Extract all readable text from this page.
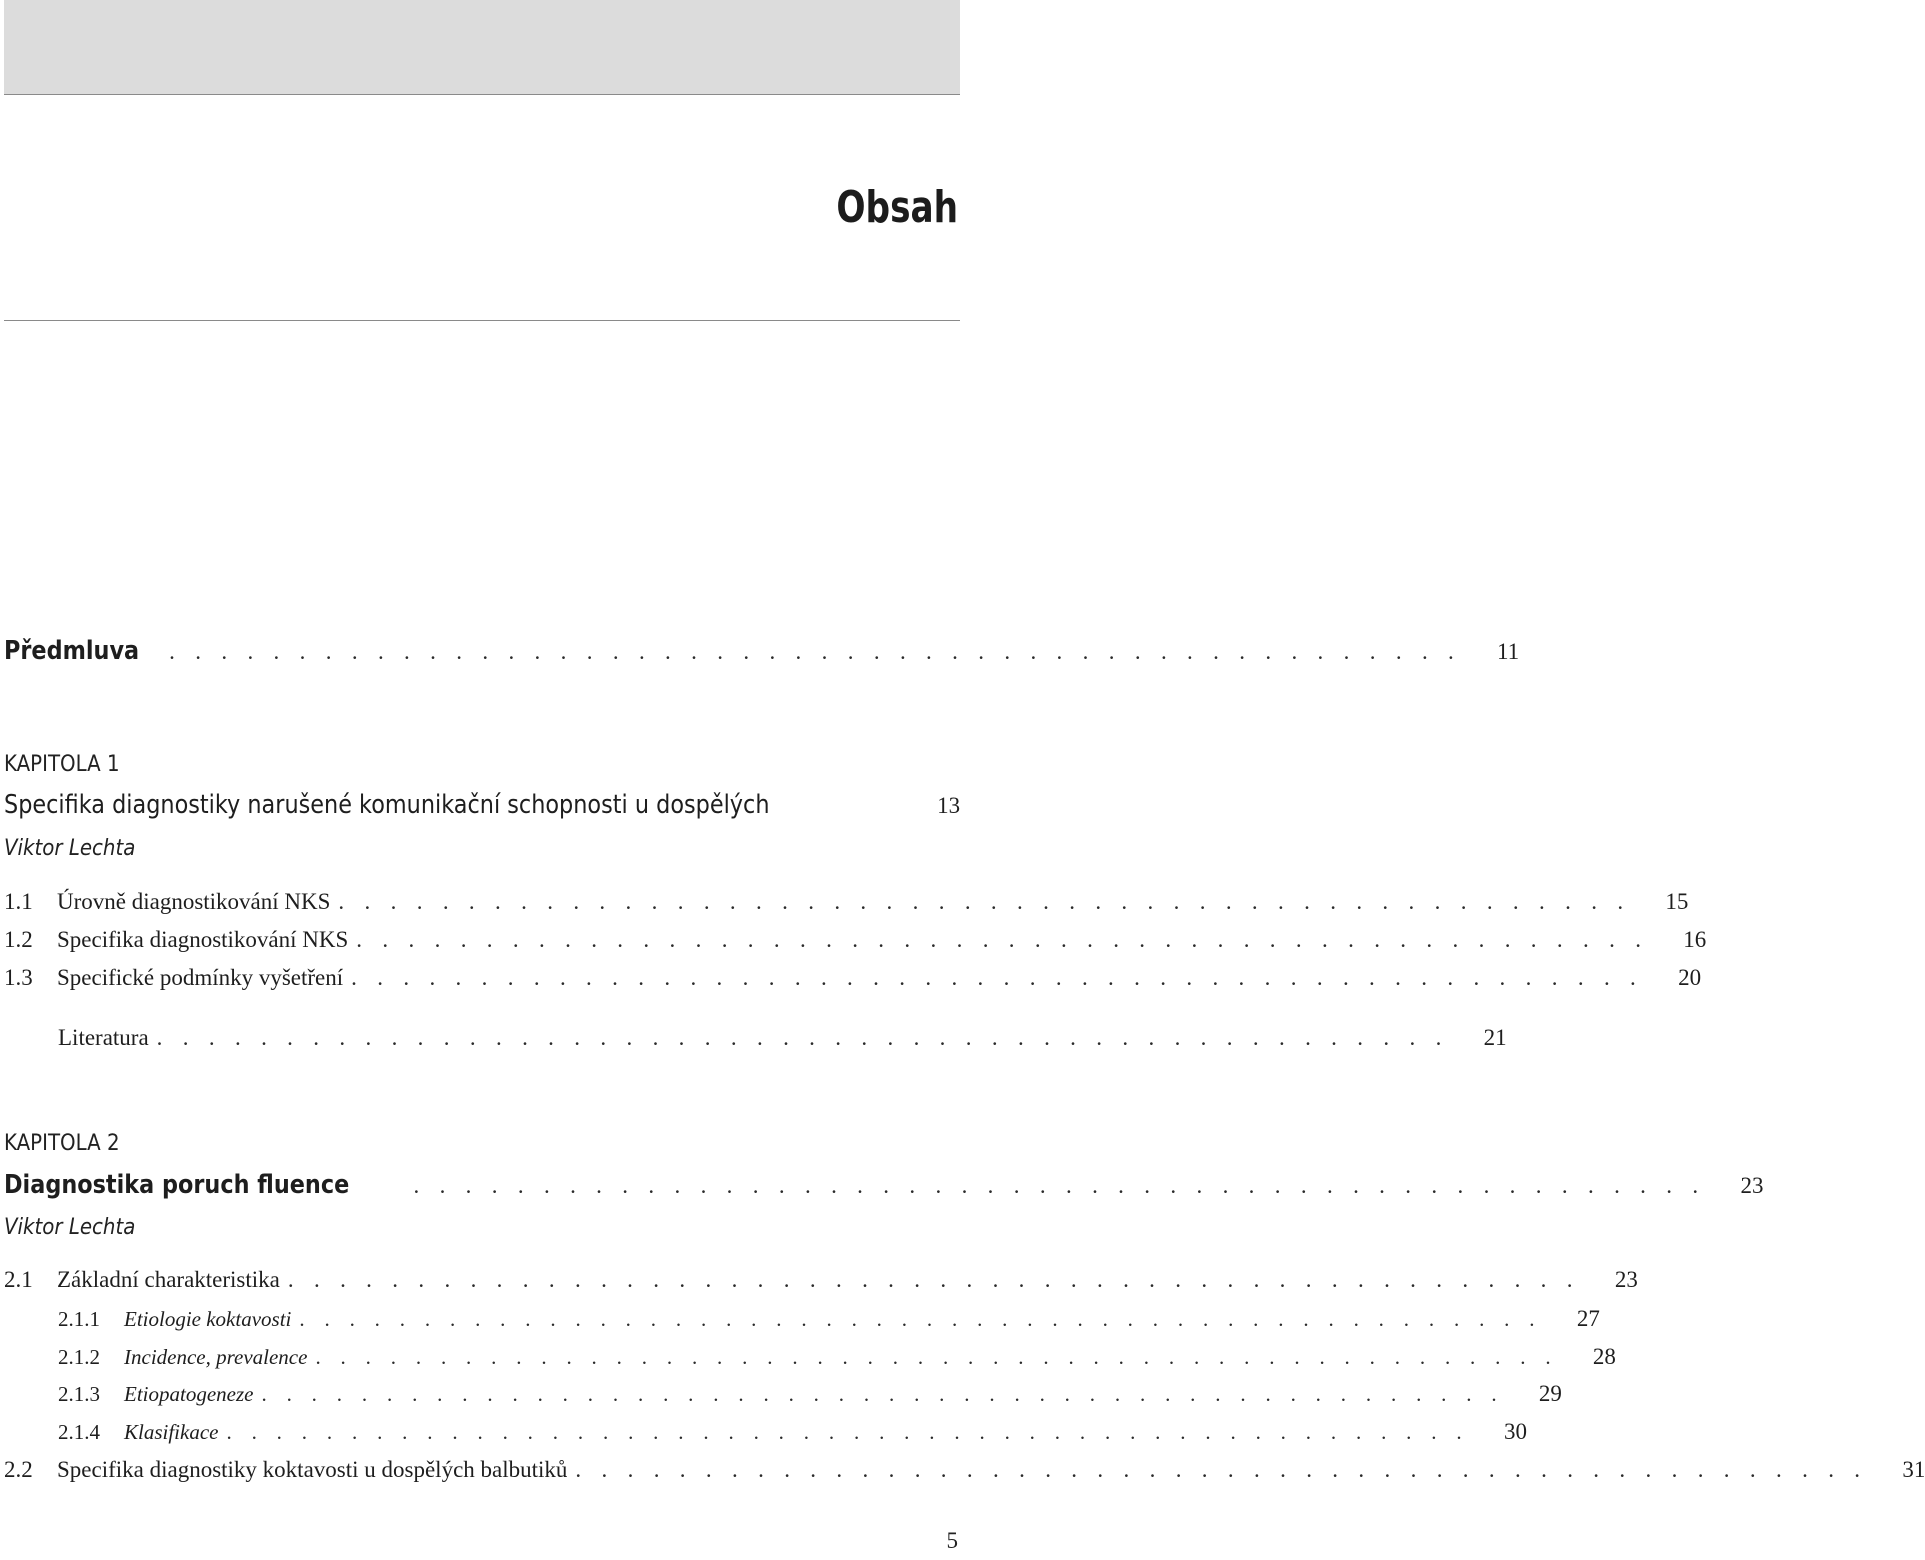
Obsah
Předmluva . . . . . . . . . . . . . . . . . . . . . . . . . . . . . . . . . . . . . . . . . . . . . . . . . .	11
KAPITOLA 1
Specifika diagnostiky narušené komunikační schopnosti u dospělých	13
Viktor Lechta
1.1	Úrovně diagnostikování NKS . . . . . . . . . . . . . . . . . . . . . . . . . . . . . . . . . . . . . . . . . . . . . . . . . .	15
1.2	Specifika diagnostikování NKS . . . . . . . . . . . . . . . . . . . . . . . . . . . . . . . . . . . . . . . . . . . . . . . . . .	16
1.3	Specifické podmínky vyšetření . . . . . . . . . . . . . . . . . . . . . . . . . . . . . . . . . . . . . . . . . . . . . . . . . .	20
Literatura . . . . . . . . . . . . . . . . . . . . . . . . . . . . . . . . . . . . . . . . . . . . . . . . . .	21
KAPITOLA 2
Diagnostika poruch fluence	. . . . . . . . . . . . . . . . . . . . . . . . . . . . . . . . . . . . . . . . . . . . . . . . . .	23
Viktor Lechta
2.1	Základní charakteristika . . . . . . . . . . . . . . . . . . . . . . . . . . . . . . . . . . . . . . . . . . . . . . . . . .	23
2.1.1	Etiologie koktavosti . . . . . . . . . . . . . . . . . . . . . . . . . . . . . . . . . . . . . . . . . . . . . . . . . .	27
2.1.2	Incidence, prevalence . . . . . . . . . . . . . . . . . . . . . . . . . . . . . . . . . . . . . . . . . . . . . . . . . .	28
2.1.3	Etiopatogeneze . . . . . . . . . . . . . . . . . . . . . . . . . . . . . . . . . . . . . . . . . . . . . . . . . .	29
2.1.4	Klasifikace . . . . . . . . . . . . . . . . . . . . . . . . . . . . . . . . . . . . . . . . . . . . . . . . . .	30
2.2	Specifika diagnostiky koktavosti u dospělých balbutiků . . . . . . . . . . . . . . . . . . . . . . . . . . . . . . . . . . . . . . . . . . . . . . . . . .	31
5
